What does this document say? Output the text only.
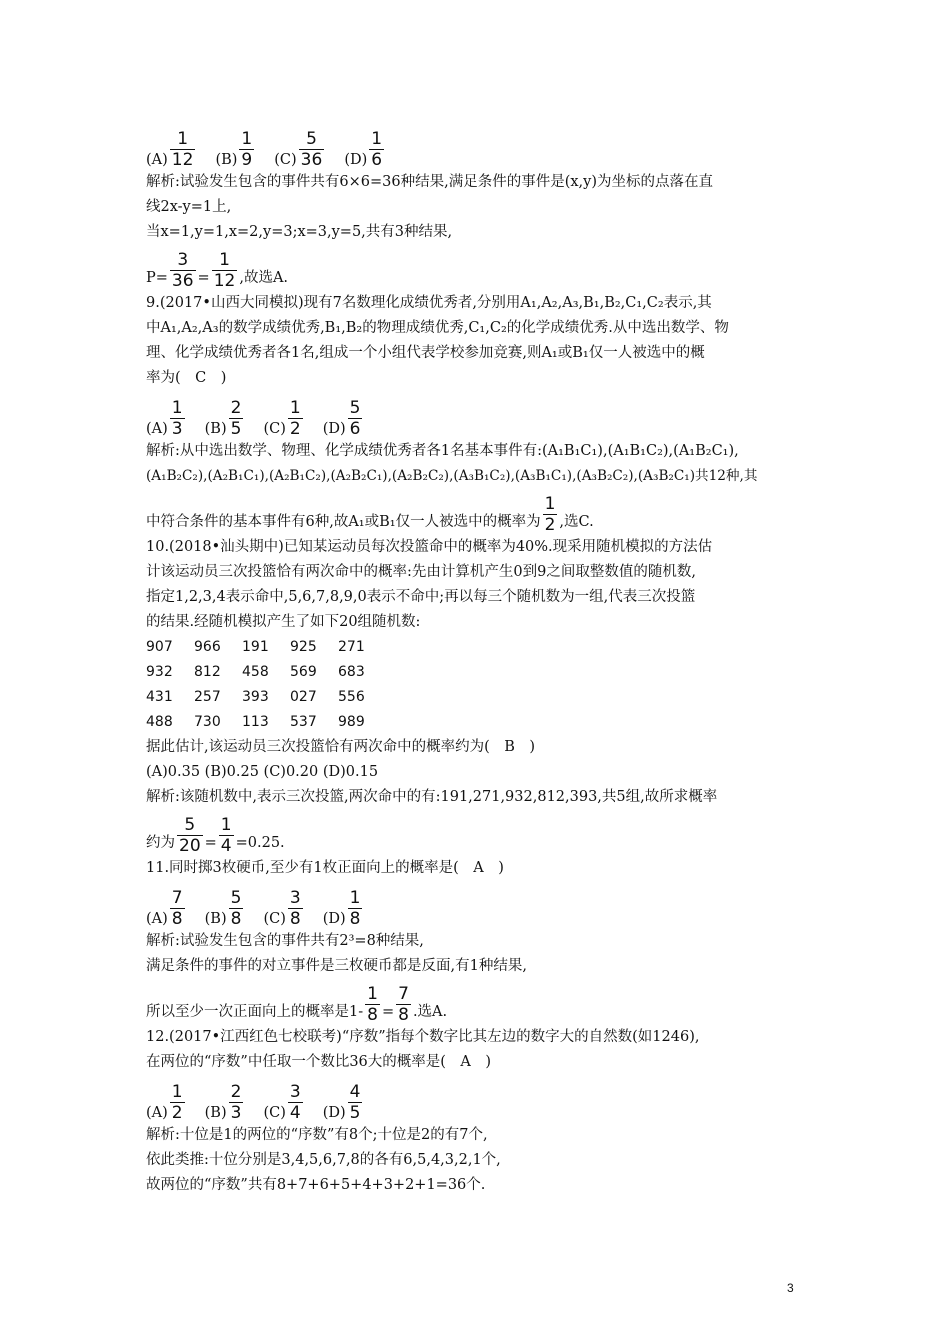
$(A) \frac{1}{12} (B) \frac{1}{9} (C) \frac{5}{36} (D) \frac{1}{6}$
解析:试验发生包含的事件共有6×6=36种结果,满足条件的事件是(x,y)为坐标的点落在直
线2x-y=1上,
当x=1,y=1,x=2,y=3;x=3,y=5,共有3种结果,
$P= \frac{3}{36} = \frac{1}{12}$ ,故选A.
9.(2017•山西大同模拟)现有7名数理化成绩优秀者,分别用A₁,A₂,A₃,B₁,B₂,C₁,C₂表示,其
中A₁,A₂,A₃的数学成绩优秀,B₁,B₂的物理成绩优秀,C₁,C₂的化学成绩优秀.从中选出数学、物
理、化学成绩优秀者各1名,组成一个小组代表学校参加竞赛,则A₁或B₁仅一人被选中的概
率为(　C　)
$(A) \frac{1}{3} (B) \frac{2}{5} (C) \frac{1}{2} (D) \frac{5}{6}$
解析:从中选出数学、物理、化学成绩优秀者各1名基本事件有:(A₁B₁C₁),(A₁B₁C₂),(A₁B₂C₁),
(A₁B₂C₂),(A₂B₁C₁),(A₂B₁C₂),(A₂B₂C₁),(A₂B₂C₂),(A₃B₁C₂),(A₃B₁C₁),(A₃B₂C₂),(A₃B₂C₁)共12种,其
中符合条件的基本事件有6种,故A₁或B₁仅一人被选中的概率为 $\frac{1}{2}$ ,选C.
10.(2018•汕头期中)已知某运动员每次投篮命中的概率为40%.现采用随机模拟的方法估
计该运动员三次投篮恰有两次命中的概率:先由计算机产生0到9之间取整数值的随机数,
指定1,2,3,4表示命中,5,6,7,8,9,0表示不命中;再以每三个随机数为一组,代表三次投篮
的结果.经随机模拟产生了如下20组随机数:
907	966	191	925	271
932	812	458	569	683
431	257	393	027	556
488	730	113	537	989
据此估计,该运动员三次投篮恰有两次命中的概率约为(　B　)
(A)0.35 (B)0.25 (C)0.20 (D)0.15
解析:该随机数中,表示三次投篮,两次命中的有:191,271,932,812,393,共5组,故所求概率
约为 $\frac{5}{20} = \frac{1}{4} =0.25$.
11.同时掷3枚硬币,至少有1枚正面向上的概率是(　A　)
$(A) \frac{7}{8} (B) \frac{5}{8} (C) \frac{3}{8} (D) \frac{1}{8}$
解析:试验发生包含的事件共有2³=8种结果,
满足条件的事件的对立事件是三枚硬币都是反面,有1种结果,
所以至少一次正面向上的概率是$1- \frac{1}{8} = \frac{7}{8}$ .选A.
12.(2017•江西红色七校联考)“序数”指每个数字比其左边的数字大的自然数(如1246),
在两位的“序数”中任取一个数比36大的概率是(　A　)
$(A) \frac{1}{2} (B) \frac{2}{3} (C) \frac{3}{4} (D) \frac{4}{5}$
解析:十位是1的两位的“序数”有8个;十位是2的有7个,
依此类推:十位分别是3,4,5,6,7,8的各有6,5,4,3,2,1个,
故两位的“序数”共有8+7+6+5+4+3+2+1=36个.
3
